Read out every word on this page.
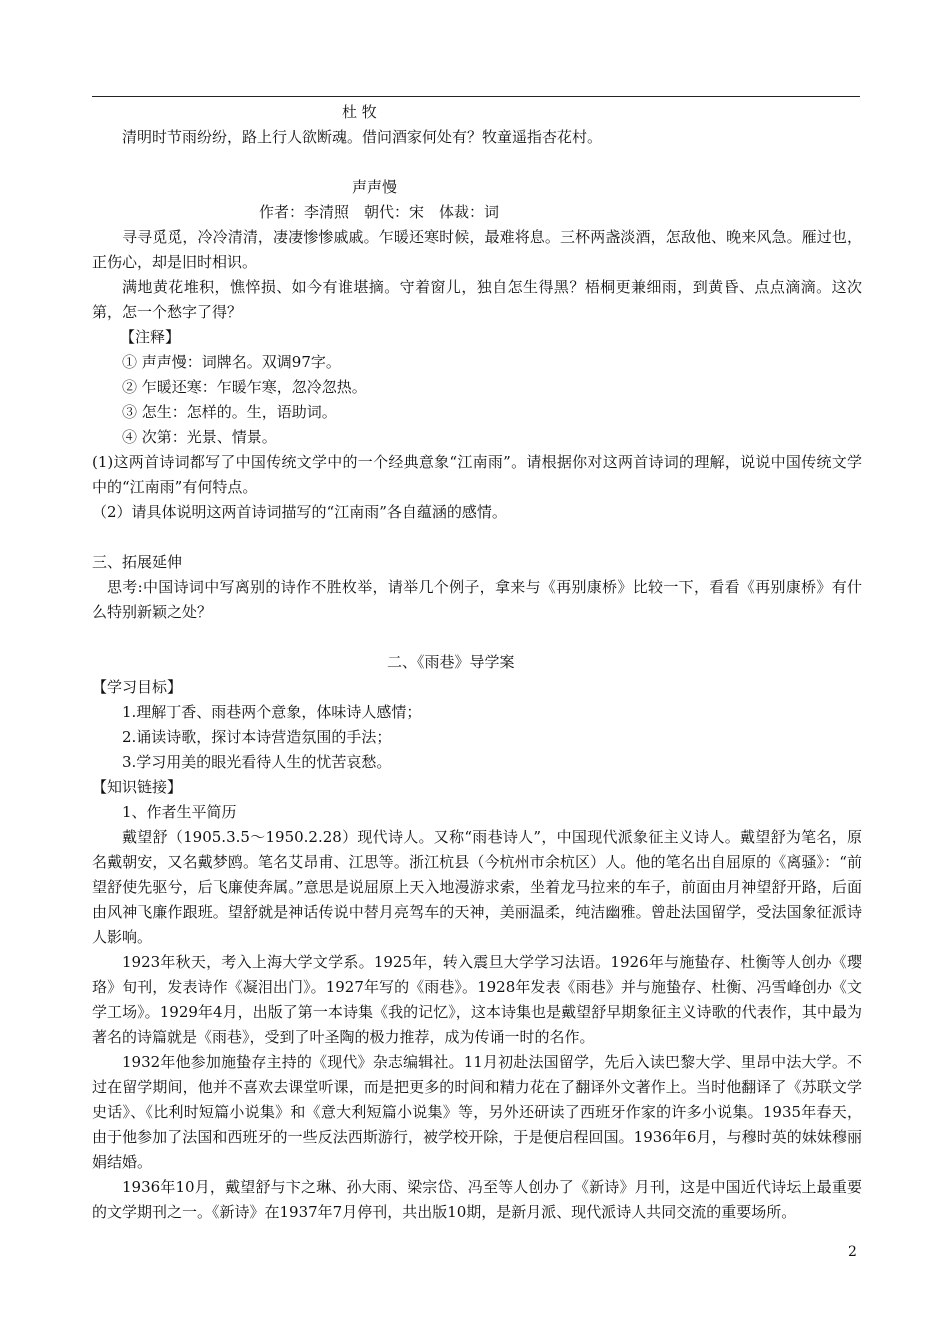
杜 牧
清明时节雨纷纷，路上行人欲断魂。借问酒家何处有？牧童遥指杏花村。
声声慢
作者：李清照　朝代：宋　体裁：词
寻寻觅觅，冷冷清清，凄凄惨惨戚戚。乍暖还寒时候，最难将息。三杯两盏淡酒，怎敌他、晚来风急。雁过也，正伤心，却是旧时相识。
满地黄花堆积，憔悴损、如今有谁堪摘。守着窗儿，独自怎生得黑？梧桐更兼细雨，到黄昏、点点滴滴。这次第，怎一个愁字了得？
【注释】
① 声声慢：词牌名。双调97字。
② 乍暖还寒：乍暖乍寒，忽冷忽热。
③ 怎生：怎样的。生，语助词。
④ 次第：光景、情景。
(1)这两首诗词都写了中国传统文学中的一个经典意象“江南雨”。请根据你对这两首诗词的理解，说说中国传统文学中的“江南雨”有何特点。
（2）请具体说明这两首诗词描写的“江南雨”各自蕴涵的感情。
三、拓展延伸
思考:中国诗词中写离别的诗作不胜枚举，请举几个例子，拿来与《再别康桥》比较一下，看看《再别康桥》有什么特别新颖之处？
二、《雨巷》导学案
【学习目标】
1.理解丁香、雨巷两个意象，体味诗人感情；
2.诵读诗歌，探讨本诗营造氛围的手法；
3.学习用美的眼光看待人生的忧苦哀愁。
【知识链接】
1、作者生平简历
戴望舒（1905.3.5～1950.2.28）现代诗人。又称“雨巷诗人”，中国现代派象征主义诗人。戴望舒为笔名，原名戴朝安，又名戴梦鸥。笔名艾昂甫、江思等。浙江杭县（今杭州市余杭区）人。他的笔名出自屈原的《离骚》：“前望舒使先驱兮，后飞廉使奔属。”意思是说屈原上天入地漫游求索，坐着龙马拉来的车子，前面由月神望舒开路，后面由风神飞廉作跟班。望舒就是神话传说中替月亮驾车的天神，美丽温柔，纯洁幽雅。曾赴法国留学，受法国象征派诗人影响。
1923年秋天，考入上海大学文学系。1925年，转入震旦大学学习法语。1926年与施蛰存、杜衡等人创办《璎珞》旬刊，发表诗作《凝泪出门》。1927年写的《雨巷》。1928年发表《雨巷》并与施蛰存、杜衡、冯雪峰创办《文学工场》。1929年4月，出版了第一本诗集《我的记忆》，这本诗集也是戴望舒早期象征主义诗歌的代表作，其中最为著名的诗篇就是《雨巷》，受到了叶圣陶的极力推荐，成为传诵一时的名作。
1932年他参加施蛰存主持的《现代》杂志编辑社。11月初赴法国留学，先后入读巴黎大学、里昂中法大学。不过在留学期间，他并不喜欢去课堂听课，而是把更多的时间和精力花在了翻译外文著作上。当时他翻译了《苏联文学史话》、《比利时短篇小说集》和《意大利短篇小说集》等，另外还研读了西班牙作家的许多小说集。1935年春天，由于他参加了法国和西班牙的一些反法西斯游行，被学校开除，于是便启程回国。1936年6月，与穆时英的妹妹穆丽娟结婚。
1936年10月，戴望舒与卞之琳、孙大雨、梁宗岱、冯至等人创办了《新诗》月刊，这是中国近代诗坛上最重要的文学期刊之一。《新诗》在1937年7月停刊，共出版10期，是新月派、现代派诗人共同交流的重要场所。
2
